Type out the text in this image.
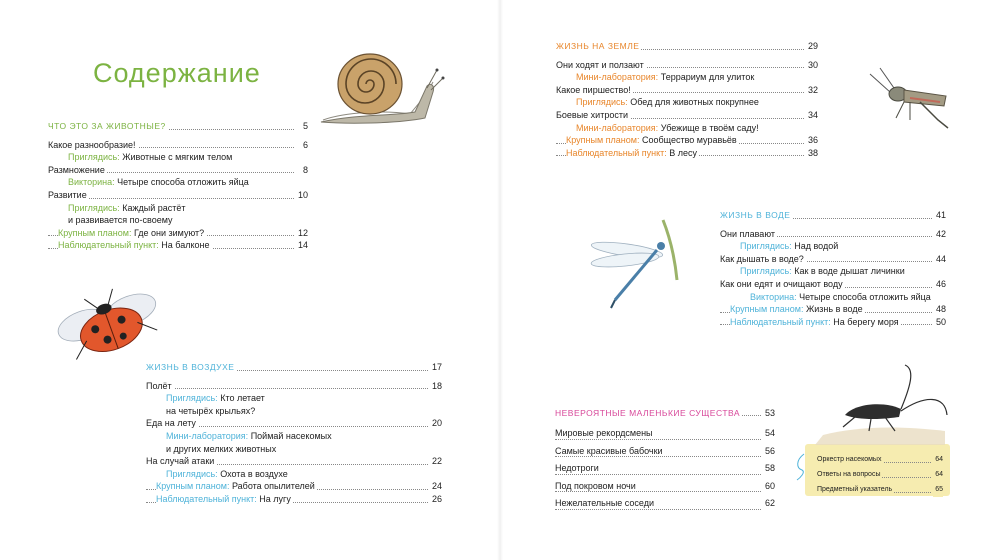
Содержание
ЧТО ЭТО ЗА ЖИВОТНЫЕ?	5
Какое разнообразие!	6
Приглядись: Животные с мягким телом
Размножение	8
Викторина: Четыре способа отложить яйца
Развитие	10
Приглядись: Каждый растёт
и развивается по-своему
Крупным планом: Где они зимуют?	12
Наблюдательный пункт: На балконе	14
ЖИЗНЬ В ВОЗДУХЕ	17
Полёт	18
Приглядись: Кто летает
на четырёх крыльях?
Еда на лету	20
Мини-лаборатория: Поймай насекомых
и других мелких животных
На случай атаки	22
Приглядись: Охота в воздухе
Крупным планом: Работа опылителей	24
Наблюдательный пункт: На лугу	26
ЖИЗНЬ НА ЗЕМЛЕ	29
Они ходят и ползают	30
Мини-лаборатория: Террариум для улиток
Какое пиршество!	32
Приглядись: Обед для животных покрупнее
Боевые хитрости	34
Мини-лаборатория: Убежище в твоём саду!
Крупным планом: Сообщество муравьёв	36
Наблюдательный пункт: В лесу	38
ЖИЗНЬ В ВОДЕ	41
Они плавают	42
Приглядись: Над водой
Как дышать в воде?	44
Приглядись: Как в воде дышат личинки
Как они едят и очищают воду	46
Викторина: Четыре способа отложить яйца
Крупным планом: Жизнь в воде	48
Наблюдательный пункт: На берегу моря	50
НЕВЕРОЯТНЫЕ МАЛЕНЬКИЕ СУЩЕСТВА	53
Мировые рекордсмены	54
Самые красивые бабочки	56
Недотроги	58
Под покровом ночи	60
Нежелательные соседи	62
Оркестр насекомых	64
Ответы на вопросы	64
Предметный указатель	65
